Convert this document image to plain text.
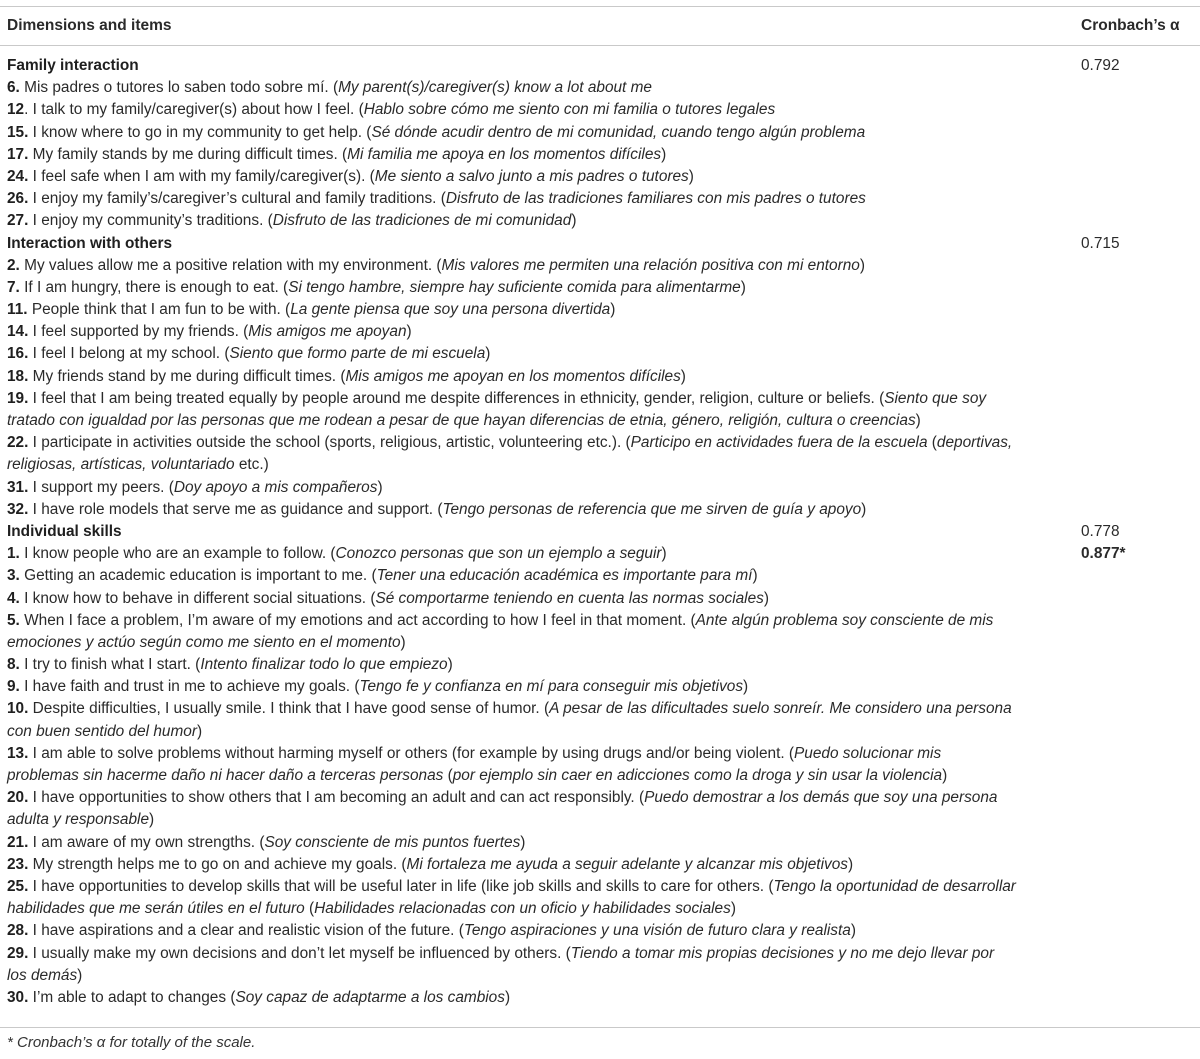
Dimensions and items	Cronbach’s α
Family interaction	0.792
6. Mis padres o tutores lo saben todo sobre mí. (My parent(s)/caregiver(s) know a lot about me
12. I talk to my family/caregiver(s) about how I feel. (Hablo sobre cómo me siento con mi familia o tutores legales
15. I know where to go in my community to get help. (Sé dónde acudir dentro de mi comunidad, cuando tengo algún problema
17. My family stands by me during difficult times. (Mi familia me apoya en los momentos difíciles)
24. I feel safe when I am with my family/caregiver(s). (Me siento a salvo junto a mis padres o tutores)
26. I enjoy my family’s/caregiver’s cultural and family traditions. (Disfruto de las tradiciones familiares con mis padres o tutores
27. I enjoy my community’s traditions. (Disfruto de las tradiciones de mi comunidad)
Interaction with others	0.715
2. My values allow me a positive relation with my environment. (Mis valores me permiten una relación positiva con mi entorno)
7. If I am hungry, there is enough to eat. (Si tengo hambre, siempre hay suficiente comida para alimentarme)
11. People think that I am fun to be with. (La gente piensa que soy una persona divertida)
14. I feel supported by my friends. (Mis amigos me apoyan)
16. I feel I belong at my school. (Siento que formo parte de mi escuela)
18. My friends stand by me during difficult times. (Mis amigos me apoyan en los momentos difíciles)
19. I feel that I am being treated equally by people around me despite differences in ethnicity, gender, religion, culture or beliefs. (Siento que soy
tratado con igualdad por las personas que me rodean a pesar de que hayan diferencias de etnia, género, religión, cultura o creencias)
22. I participate in activities outside the school (sports, religious, artistic, volunteering etc.). (Participo en actividades fuera de la escuela (deportivas,
religiosas, artísticas, voluntariado etc.)
31. I support my peers. (Doy apoyo a mis compañeros)
32. I have role models that serve me as guidance and support. (Tengo personas de referencia que me sirven de guía y apoyo)
Individual skills	0.778
1. I know people who are an example to follow. (Conozco personas que son un ejemplo a seguir)	0.877*
3. Getting an academic education is important to me. (Tener una educación académica es importante para mí)
4. I know how to behave in different social situations. (Sé comportarme teniendo en cuenta las normas sociales)
5. When I face a problem, I’m aware of my emotions and act according to how I feel in that moment. (Ante algún problema soy consciente de mis
emociones y actúo según como me siento en el momento)
8. I try to finish what I start. (Intento finalizar todo lo que empiezo)
9. I have faith and trust in me to achieve my goals. (Tengo fe y confianza en mí para conseguir mis objetivos)
10. Despite difficulties, I usually smile. I think that I have good sense of humor. (A pesar de las dificultades suelo sonreír. Me considero una persona
con buen sentido del humor)
13. I am able to solve problems without harming myself or others (for example by using drugs and/or being violent. (Puedo solucionar mis
problemas sin hacerme daño ni hacer daño a terceras personas (por ejemplo sin caer en adicciones como la droga y sin usar la violencia)
20. I have opportunities to show others that I am becoming an adult and can act responsibly. (Puedo demostrar a los demás que soy una persona
adulta y responsable)
21. I am aware of my own strengths. (Soy consciente de mis puntos fuertes)
23. My strength helps me to go on and achieve my goals. (Mi fortaleza me ayuda a seguir adelante y alcanzar mis objetivos)
25. I have opportunities to develop skills that will be useful later in life (like job skills and skills to care for others. (Tengo la oportunidad de desarrollar
habilidades que me serán útiles en el futuro (Habilidades relacionadas con un oficio y habilidades sociales)
28. I have aspirations and a clear and realistic vision of the future. (Tengo aspiraciones y una visión de futuro clara y realista)
29. I usually make my own decisions and don’t let myself be influenced by others. (Tiendo a tomar mis propias decisiones y no me dejo llevar por
los demás)
30. I’m able to adapt to changes (Soy capaz de adaptarme a los cambios)
* Cronbach’s α for totally of the scale.
